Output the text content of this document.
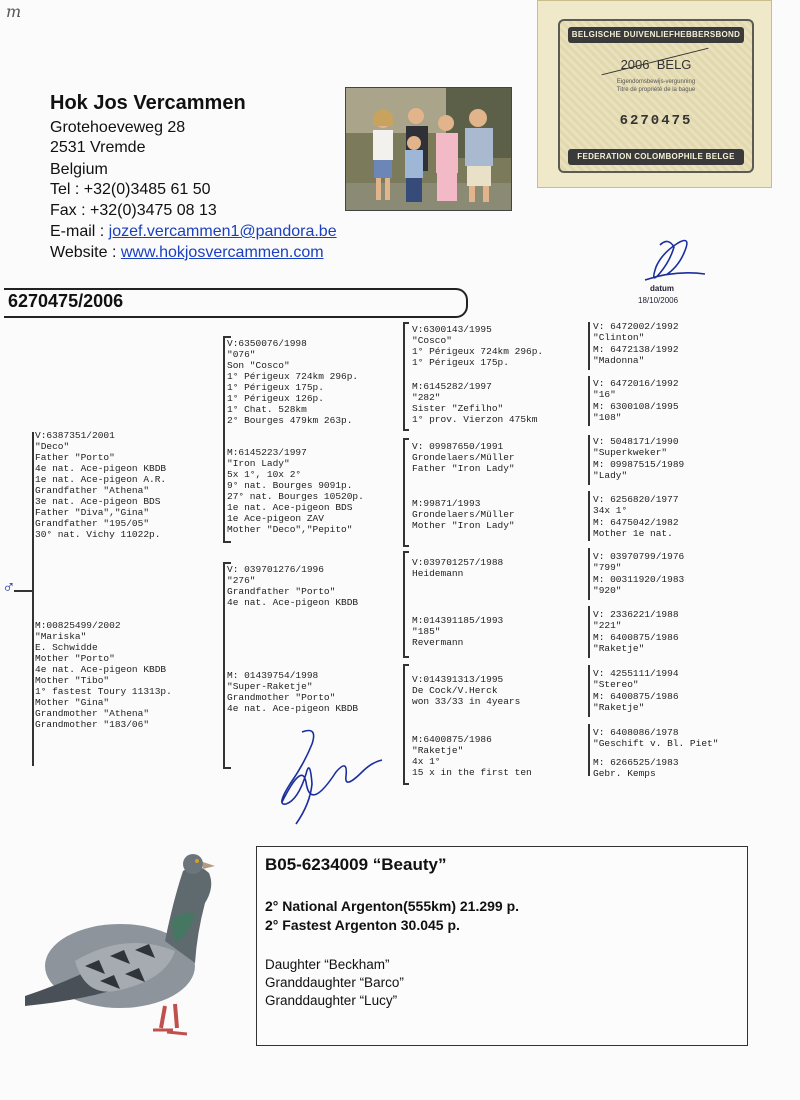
m
Hok Jos Vercammen
Grotehoeveweg 28
2531 Vremde
Belgium
Tel : +32(0)3485 61 50
Fax : +32(0)3475 08 13
E-mail : jozef.vercammen1@pandora.be
Website : www.hokjosvercammen.com
BELGISCHE DUIVENLIEFHEBBERSBOND
2006 BELG
Eigendomsbewijs-vergunning
Titre de propriété de la bague
6270475
FEDERATION COLOMBOPHILE BELGE
6270475/2006
datum
18/10/2006
♂
V:6387351/2001
"Deco"
Father "Porto"
4e nat. Ace-pigeon KBDB
1e nat. Ace-pigeon A.R.
Grandfather "Athena"
3e nat. Ace-pigeon BDS
Father "Diva","Gina"
Grandfather "195/05"
30° nat. Vichy 11022p.
M:00825499/2002
"Mariska"
E. Schwidde
Mother "Porto"
4e nat. Ace-pigeon KBDB
Mother "Tibo"
1° fastest Toury 11313p.
Mother "Gina"
Grandmother "Athena"
Grandmother "183/06"
V:6350076/1998
"076"
Son "Cosco"
1° Périgeux 724km 296p.
1° Périgeux 175p.
1° Périgeux 126p.
1° Chat. 528km
2° Bourges 479km 263p.
M:6145223/1997
"Iron Lady"
5x 1°, 10x 2°
9° nat. Bourges 9091p.
27° nat. Bourges 10520p.
1e nat. Ace-pigeon BDS
1e Ace-pigeon ZAV
Mother "Deco","Pepito"
V: 039701276/1996
"276"
Grandfather "Porto"
4e nat. Ace-pigeon KBDB
M: 01439754/1998
"Super-Raketje"
Grandmother "Porto"
4e nat. Ace-pigeon KBDB
V:6300143/1995
"Cosco"
1° Périgeux 724km 296p.
1° Périgeux 175p.
M:6145282/1997
"282"
Sister "Zefilho"
1° prov. Vierzon 475km
V: 09987650/1991
Grondelaers/Müller
Father "Iron Lady"
M:99871/1993
Grondelaers/Müller
Mother "Iron Lady"
V:039701257/1988
Heidemann
M:014391185/1993
"185"
Revermann
V:014391313/1995
De Cock/V.Herck
won 33/33 in 4years
M:6400875/1986
"Raketje"
4x 1°
15 x in the first ten
V: 6472002/1992
"Clinton"
M: 6472138/1992
"Madonna"
V: 6472016/1992
"16"
M: 6300108/1995
"108"
V: 5048171/1990
"Superkweker"
M: 09987515/1989
"Lady"
V: 6256820/1977
34x 1°
M: 6475042/1982
Mother 1e nat.
V: 03970799/1976
"799"
M: 00311920/1983
"920"
V: 2336221/1988
"221"
M: 6400875/1986
"Raketje"
V: 4255111/1994
"Stereo"
M: 6400875/1986
"Raketje"
V: 6408086/1978
"Geschift v. Bl. Piet"
M: 6266525/1983
Gebr. Kemps
B05-6234009 “Beauty”
2° National Argenton(555km) 21.299 p.
2° Fastest Argenton 30.045 p.
Daughter “Beckham”
Granddaughter “Barco”
Granddaughter “Lucy”
